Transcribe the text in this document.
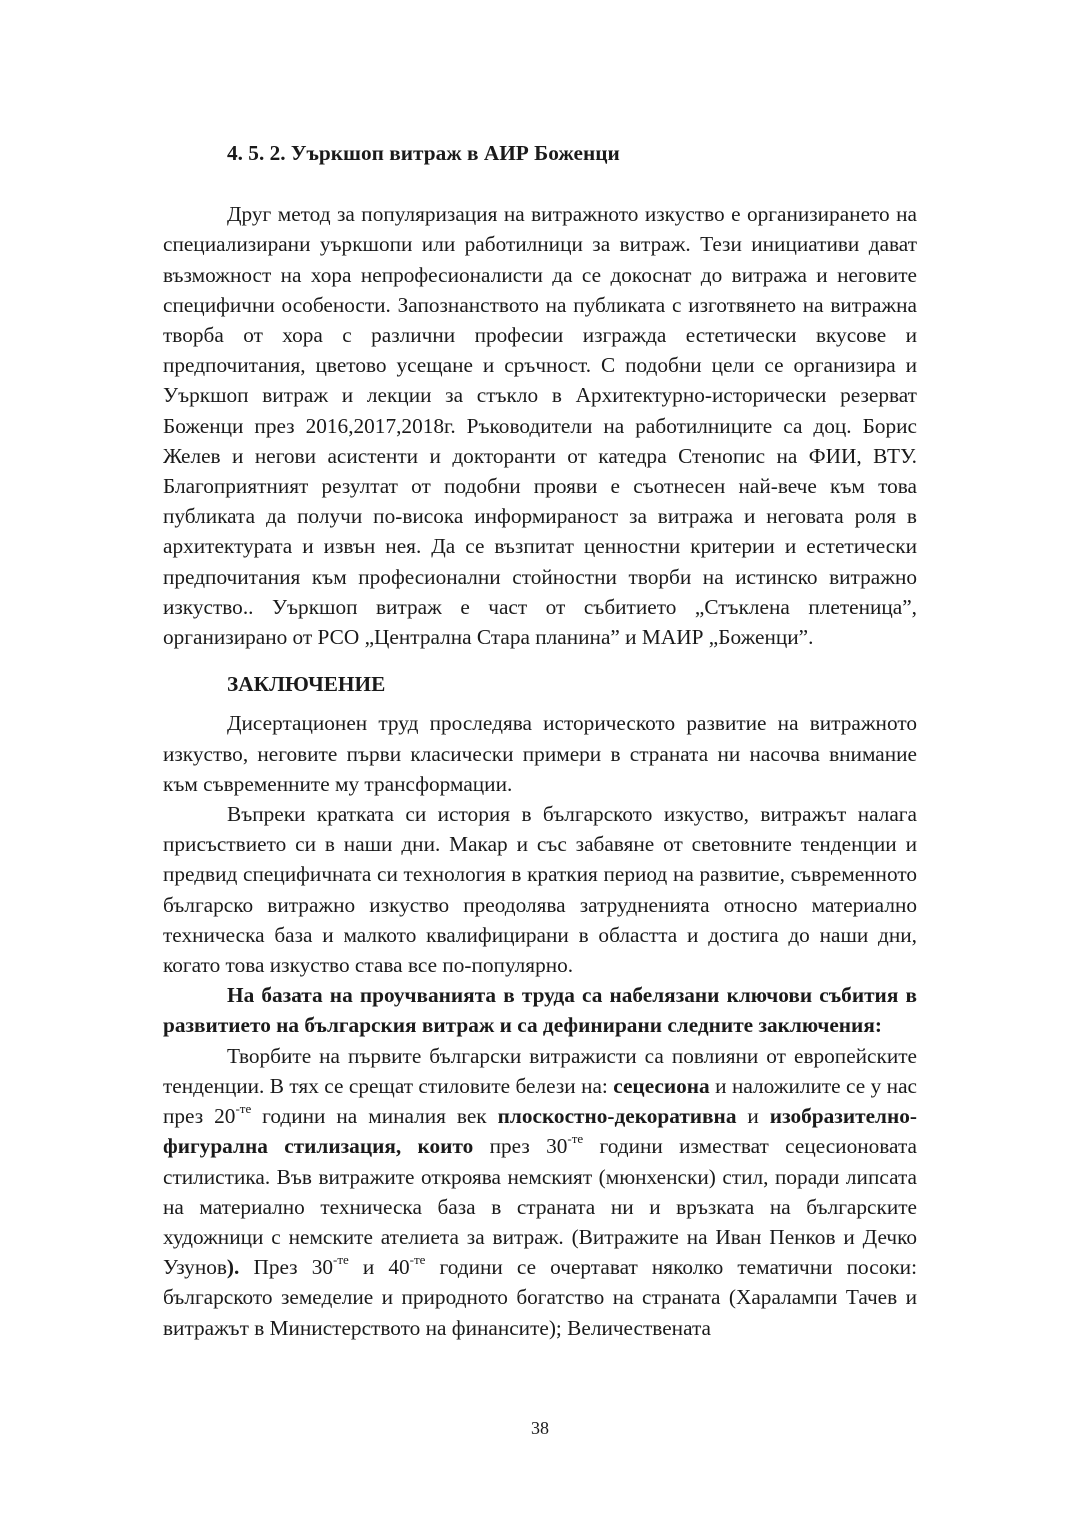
4. 5. 2. Уъркшоп витраж в АИР Боженци

Друг метод за популяризация на витражното изкуство е организирането на специализирани уъркшопи или работилници за витраж. Тези инициативи дават възможност на хора непрофесионалисти да се докоснат до витража и неговите специфични особености. Запознанството на публиката с изготвянето на витражна творба от хора с различни професии изгражда естетически вкусове и предпочитания, цветово усещане и сръчност. С подобни цели се организира и Уъркшоп витраж и лекции за стъкло в Архитектурно-исторически резерват Боженци през 2016,2017,2018г. Ръководители на работилниците са доц. Борис Желев и негови асистенти и докторанти от катедра Стенопис на ФИИ, ВТУ. Благоприятният резултат от подобни прояви е съотнесен най-вече към това публиката да получи по-висока информираност за витража и неговата роля в архитектурата и извън нея. Да се възпитат ценностни критерии и естетически предпочитания към професионални стойностни творби на истинско витражно изкуство.. Уъркшоп витраж е част от събитието „Стъклена плетеница”, организирано от РСО „Централна Стара планина” и МАИР „Боженци”.

ЗАКЛЮЧЕНИЕ

Дисертационен труд проследява историческото развитие на витражното изкуство, неговите първи класически примери в страната ни насочва внимание към съвременните му трансформации.

Въпреки кратката си история в българското изкуство, витражът налага присъствието си в наши дни. Макар и със забавяне от световните тенденции и предвид специфичната си технология в краткия период на развитие, съвременното българско витражно изкуство преодолява затрудненията относно материално техническа база и малкото квалифицирани в областта и достига до наши дни, когато това изкуство става все по-популярно.

На базата на проучванията в труда са набелязани ключови събития в развитието на българския витраж и са дефинирани следните заключения:

Творбите на първите български витражисти са повлияни от европейските тенденции. В тях се срещат стиловите белези на: сецесиона и наложилите се у нас през $20^{-те}$ години на миналия век плоскостно-декоративна и изобразително-фигурална стилизация, които през $30^{-те}$ години изместват сецесионовата стилистика. Във витражите откроява немският (мюнхенски) стил, поради липсата на материално техническа база в страната ни и връзката на българските художници с немските ателиета за витраж. (Витражите на Иван Пенков и Дечко Узунов). През $30^{-те}$ и $40^{-те}$ години се очертават няколко тематични посоки: българското земеделие и природното богатство на страната (Харалампи Тачев и витражът в Министерството на финансите); Величествената

38
